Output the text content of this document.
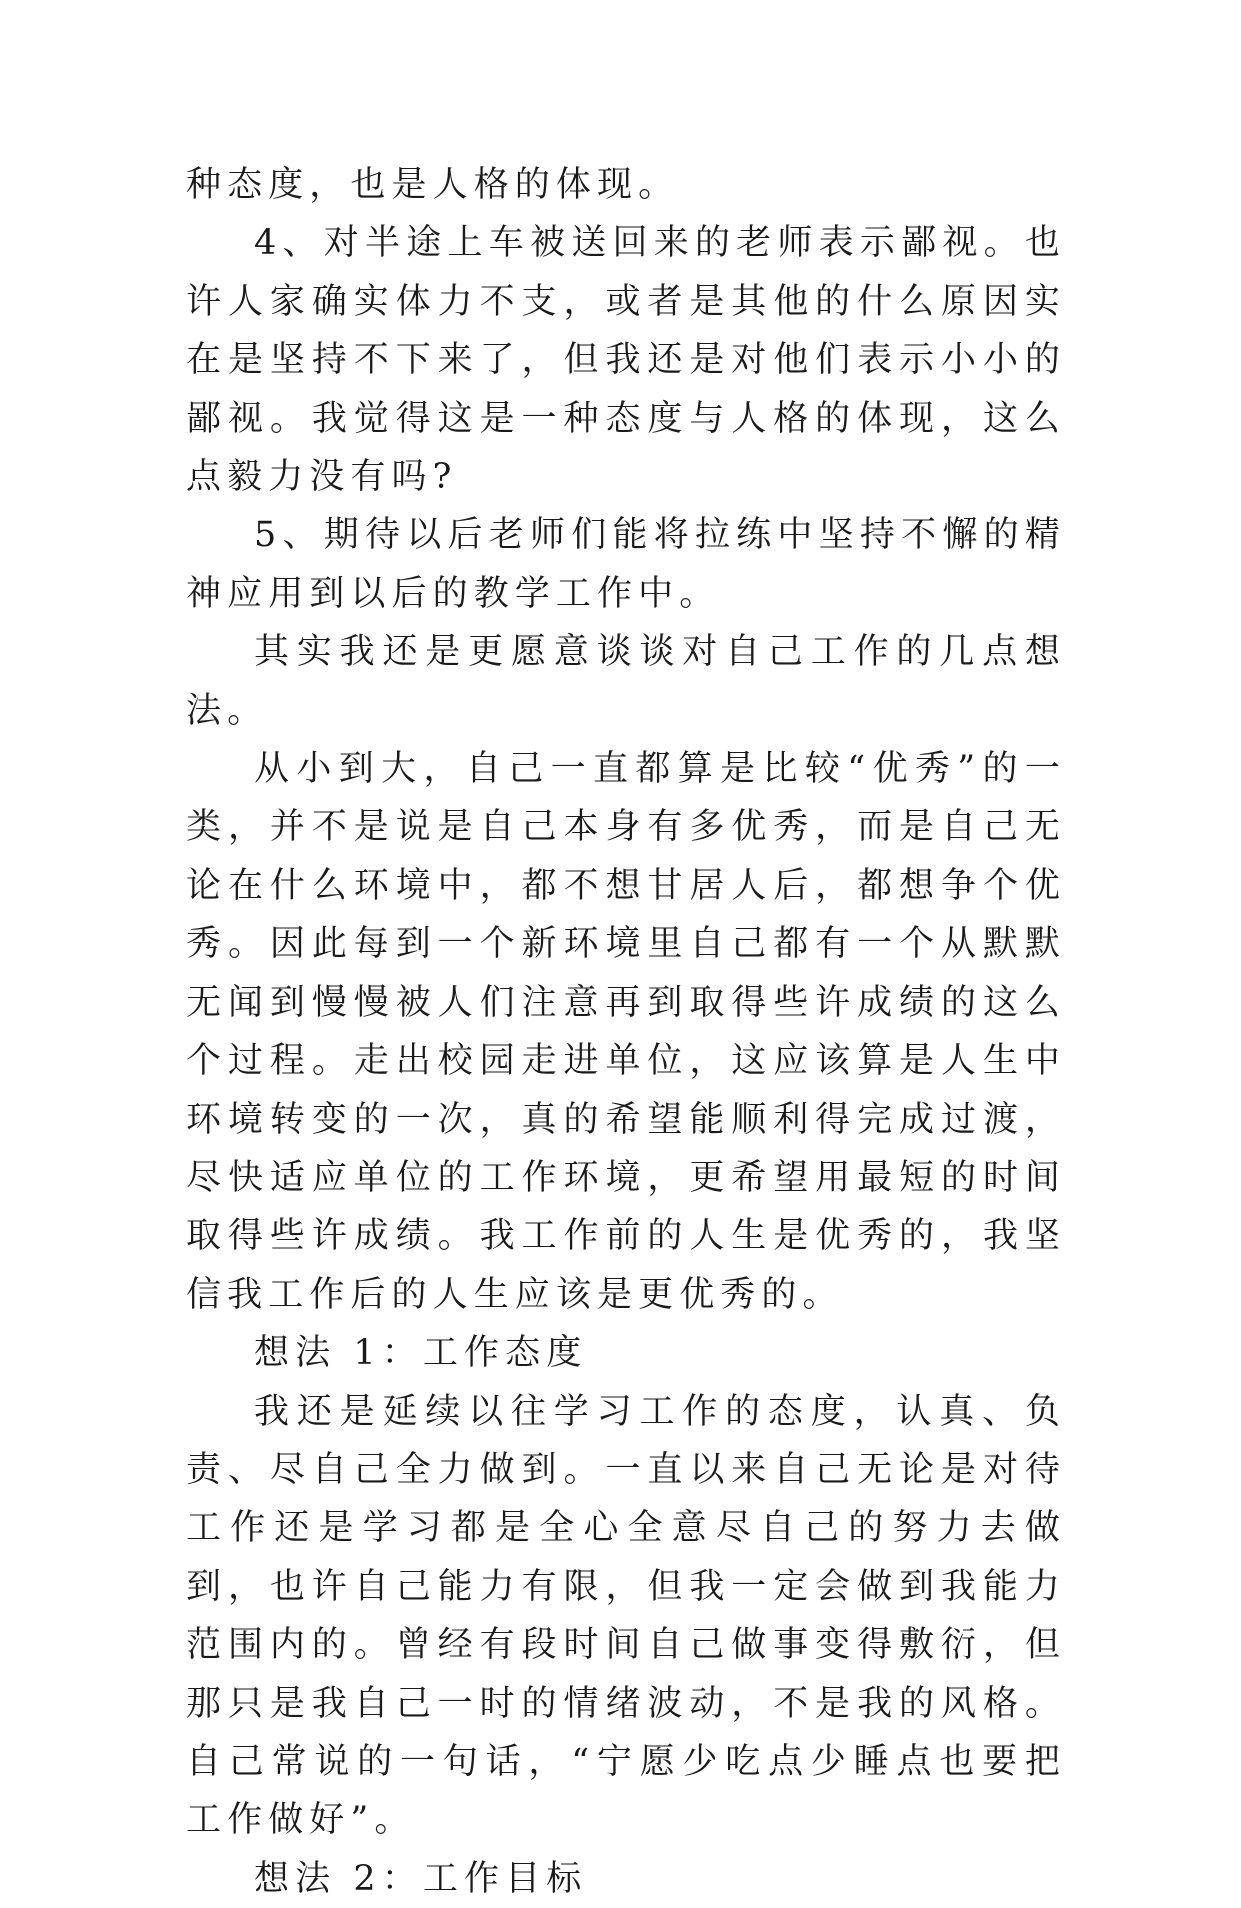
种态度，也是人格的体现。

4、对半途上车被送回来的老师表示鄙视。也许人家确实体力不支，或者是其他的什么原因实在是坚持不下来了，但我还是对他们表示小小的鄙视。我觉得这是一种态度与人格的体现，这么点毅力没有吗?

5、期待以后老师们能将拉练中坚持不懈的精神应用到以后的教学工作中。

其实我还是更愿意谈谈对自己工作的几点想法。

从小到大，自己一直都算是比较“优秀”的一类，并不是说是自己本身有多优秀，而是自己无论在什么环境中，都不想甘居人后，都想争个优秀。因此每到一个新环境里自己都有一个从默默无闻到慢慢被人们注意再到取得些许成绩的这么个过程。走出校园走进单位，这应该算是人生中环境转变的一次，真的希望能顺利得完成过渡，尽快适应单位的工作环境，更希望用最短的时间取得些许成绩。我工作前的人生是优秀的，我坚信我工作后的人生应该是更优秀的。

想法 1：工作态度

我还是延续以往学习工作的态度，认真、负责、尽自己全力做到。一直以来自己无论是对待工作还是学习都是全心全意尽自己的努力去做到，也许自己能力有限，但我一定会做到我能力范围内的。曾经有段时间自己做事变得敷衍，但那只是我自己一时的情绪波动，不是我的风格。自己常说的一句话，“宁愿少吃点少睡点也要把工作做好”。

想法 2：工作目标
